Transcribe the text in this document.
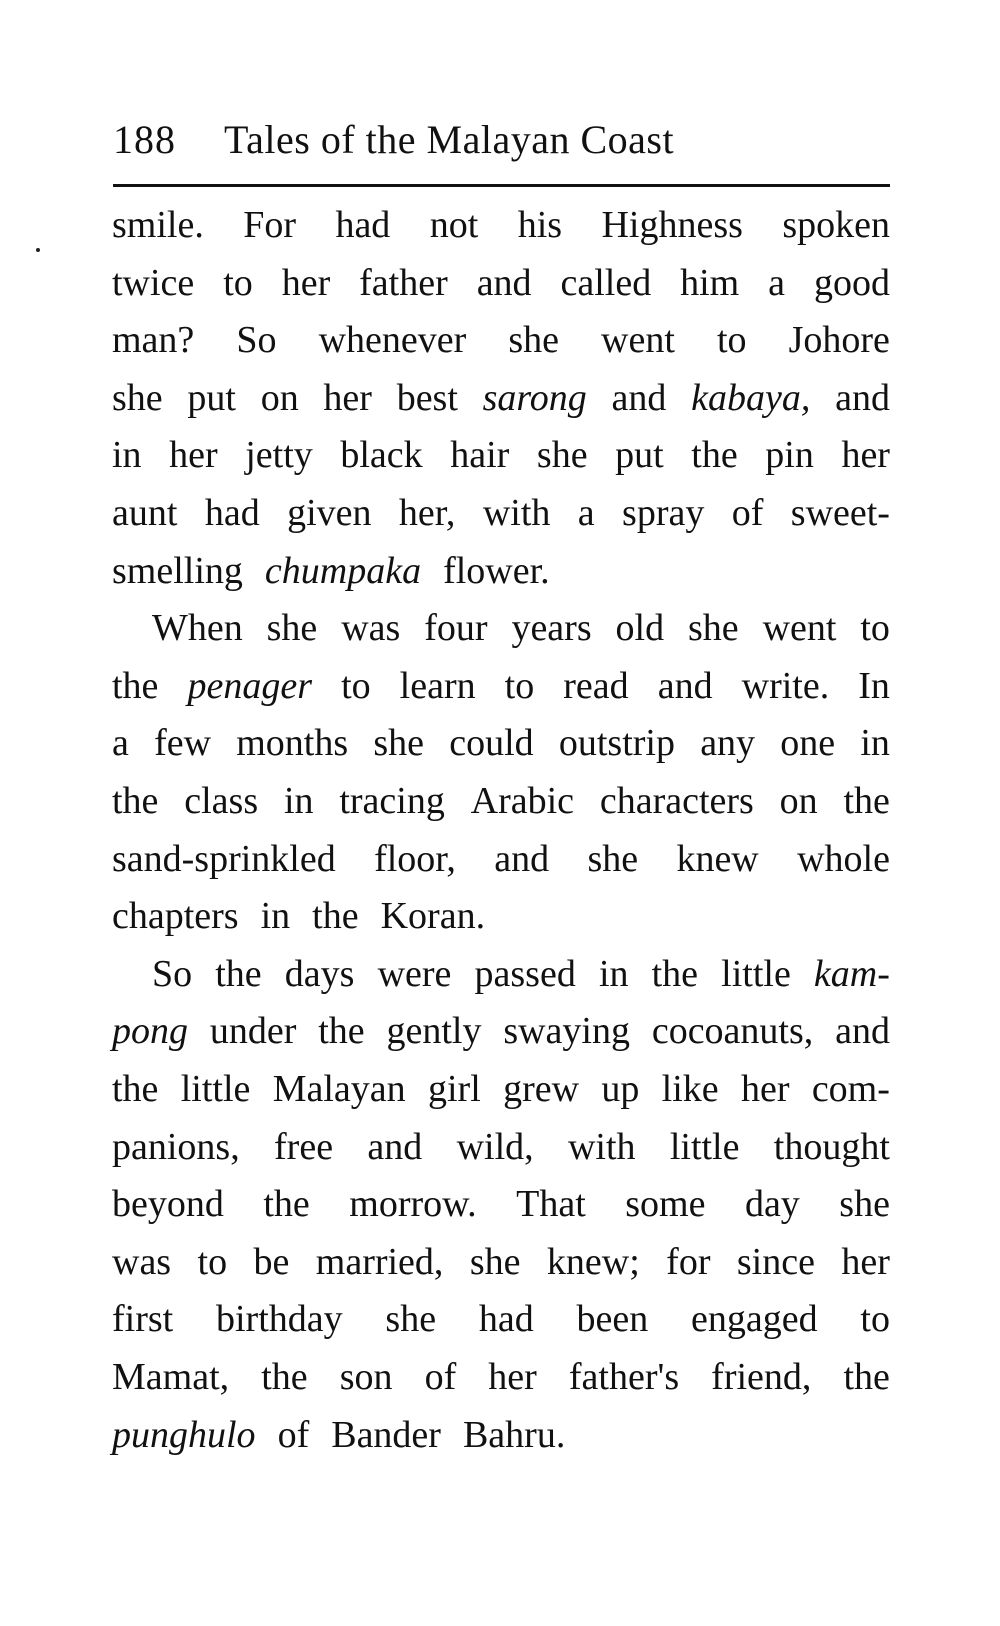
188 Tales of the Malayan Coast
smile. For had not his Highness spoken
twice to her father and called him a good
man? So whenever she went to Johore
she put on her best sarong and kabaya, and
in her jetty black hair she put the pin her
aunt had given her, with a spray of sweet-
smelling chumpaka flower.
When she was four years old she went to
the penager to learn to read and write. In
a few months she could outstrip any one in
the class in tracing Arabic characters on the
sand-sprinkled floor, and she knew whole
chapters in the Koran.
So the days were passed in the little kam-
pong under the gently swaying cocoanuts, and
the little Malayan girl grew up like her com-
panions, free and wild, with little thought
beyond the morrow. That some day she
was to be married, she knew; for since her
first birthday she had been engaged to
Mamat, the son of her father's friend, the
punghulo of Bander Bahru.
